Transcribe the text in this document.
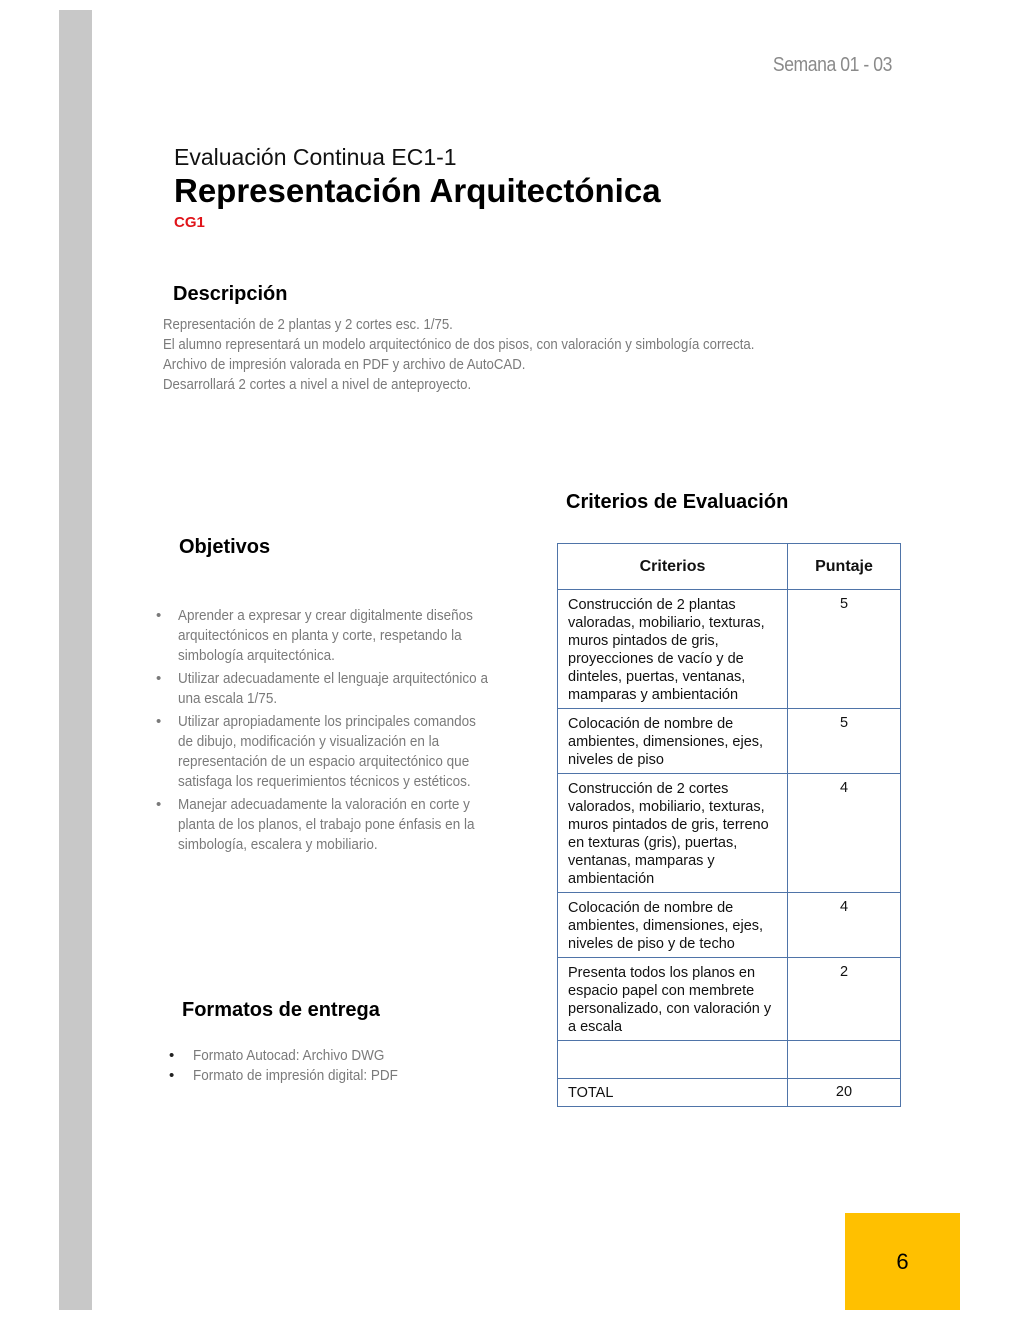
Semana 01 - 03
Evaluación Continua EC1-1
Representación Arquitectónica
CG1
Descripción
Representación de 2 plantas y 2 cortes esc. 1/75.
El alumno representará un modelo arquitectónico de dos pisos, con valoración y simbología correcta.
Archivo de impresión valorada en PDF y archivo de AutoCAD.
Desarrollará 2 cortes a nivel a nivel de anteproyecto.
Objetivos
• Aprender a expresar y crear digitalmente diseños arquitectónicos en planta y corte, respetando la simbología arquitectónica.
• Utilizar adecuadamente el lenguaje arquitectónico a una escala 1/75.
• Utilizar apropiadamente los principales comandos de dibujo, modificación y visualización en la representación de un espacio arquitectónico que satisfaga los requerimientos técnicos y estéticos.
• Manejar adecuadamente la valoración en corte y planta de los planos, el trabajo pone énfasis en la simbología, escalera y mobiliario.
Formatos de entrega
• Formato Autocad: Archivo DWG
• Formato de impresión digital: PDF
Criterios de Evaluación
Criterios	Puntaje
Construcción de 2 plantas valoradas, mobiliario, texturas, muros pintados de gris, proyecciones de vacío y de dinteles, puertas, ventanas, mamparas y ambientación	5
Colocación de nombre de ambientes, dimensiones, ejes, niveles de piso	5
Construcción de 2 cortes valorados, mobiliario, texturas, muros pintados de gris, terreno en texturas (gris), puertas, ventanas, mamparas y ambientación	4
Colocación de nombre de ambientes, dimensiones, ejes, niveles de piso y de techo	4
Presenta todos los planos en espacio papel con membrete personalizado, con valoración y a escala	2

TOTAL	20
6
